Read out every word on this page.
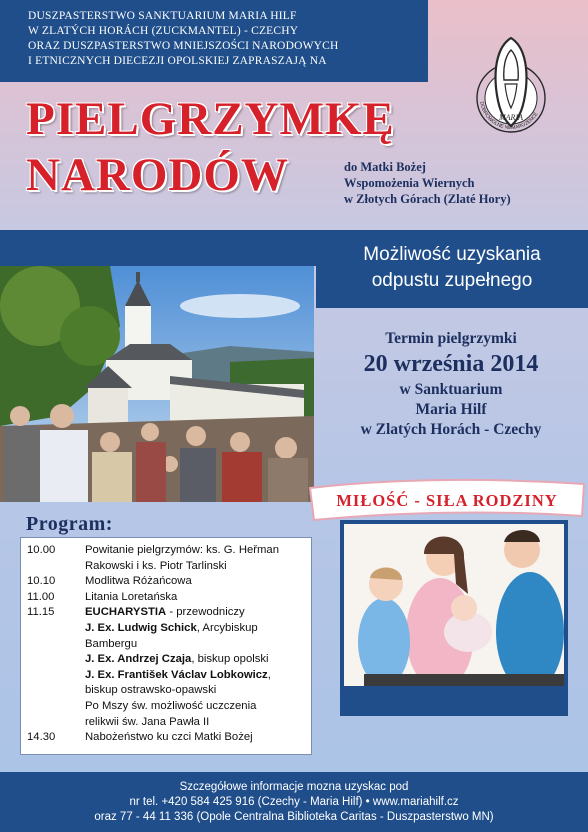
DUSZPASTERSTWO SANKTUARIUM MARIA HILF
W ZLATÝCH HORÁCH (ZUCKMANTEL) - CZECHY
ORAZ DUSZPASTERSTWO MNIEJSZOŚCI NARODOWYCH
I ETNICZNYCH DIECEZJI OPOLSKIEJ ZAPRASZAJĄ NA
MARIA
DOBROWOLNE NEMAROZENCÉ
PIELGRZYMKĘ
NARODÓW	do Matki Bożej
Wspomożenia Wiernych
w Złotych Górach (Zlaté Hory)
Możliwość uzyskania
odpustu zupełnego
Termin pielgrzymki
20 września 2014
w Sanktuarium
Maria Hilf
w Zlatých Horách - Czechy
MIŁOŚĆ - SIŁA RODZINY
Program:
10.00	Powitanie pielgrzymów: ks. G. Heřman
Rakowski i ks. Piotr Tarlinski
10.10	Modlitwa Różańcowa
11.00	Litania Loretańska
11.15	EUCHARYSTIA - przewodniczy
J. Ex. Ludwig Schick, Arcybiskup
Bambergu
J. Ex. Andrzej Czaja, biskup opolski
J. Ex. František Václav Lobkowicz,
biskup ostrawsko-opawski
Po Mszy św. możliwość uczczenia
relikwii św. Jana Pawła II
14.30	Nabożeństwo ku czci Matki Bożej
Szczegółowe informacje mozna uzyskac pod
nr tel. +420 584 425 916 (Czechy - Maria Hilf) • www.mariahilf.cz
oraz 77 - 44 11 336 (Opole Centralna Biblioteka Caritas - Duszpasterstwo MN)
